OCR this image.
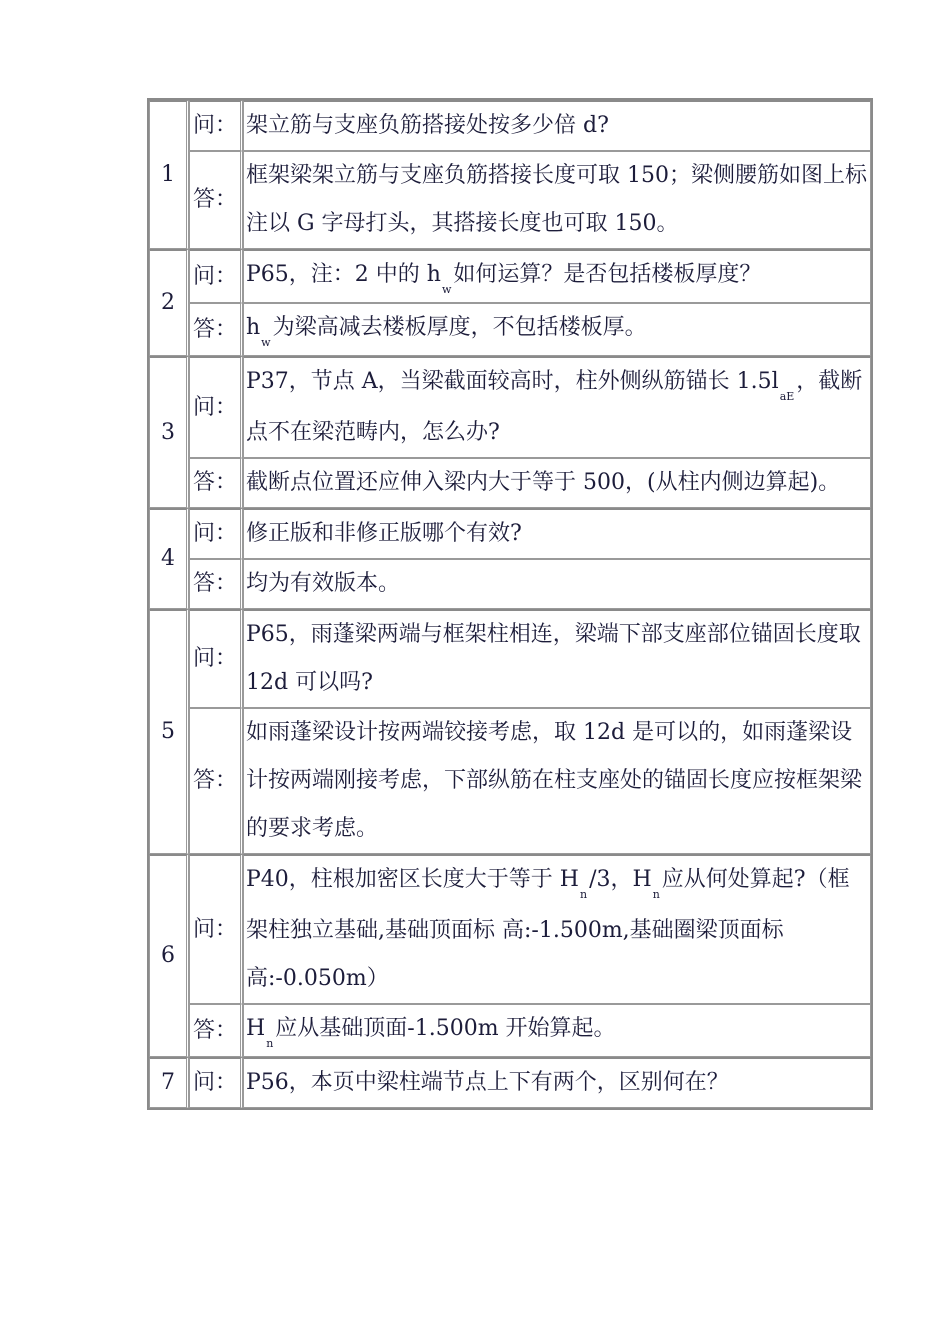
1	问：	架立筋与支座负筋搭接处按多少倍 d?
	答：	框架梁架立筋与支座负筋搭接长度可取 150；梁侧腰筋如图上标注以 G 字母打头，其搭接长度也可取 150。
2	问：	P65，注：2 中的 $h_w$如何运算？是否包括楼板厚度？
	答：	$h_w$为梁高减去楼板厚度，不包括楼板厚。
3	问：	P37，节点 A，当梁截面较高时，柱外侧纵筋锚长 $1.5l_{aE}$，截断点不在梁范畴内，怎么办?
	答：	截断点位置还应伸入梁内大于等于 500，(从柱内侧边算起)。
4	问：	修正版和非修正版哪个有效?
	答：	均为有效版本。
5	问：	P65，雨蓬梁两端与框架柱相连，梁端下部支座部位锚固长度取 12d 可以吗?
	答：	如雨蓬梁设计按两端铰接考虑，取 12d 是可以的，如雨蓬梁设计按两端刚接考虑，下部纵筋在柱支座处的锚固长度应按框架梁的要求考虑。
6	问：	P40，柱根加密区长度大于等于 $H_n/3$，$H_n$应从何处算起?（框架柱独立基础,基础顶面标 高:-1.500m,基础圈梁顶面标高:-0.050m）
	答：	$H_n$应从基础顶面-1.500m 开始算起。
7	问：	P56，本页中梁柱端节点上下有两个，区别何在？
